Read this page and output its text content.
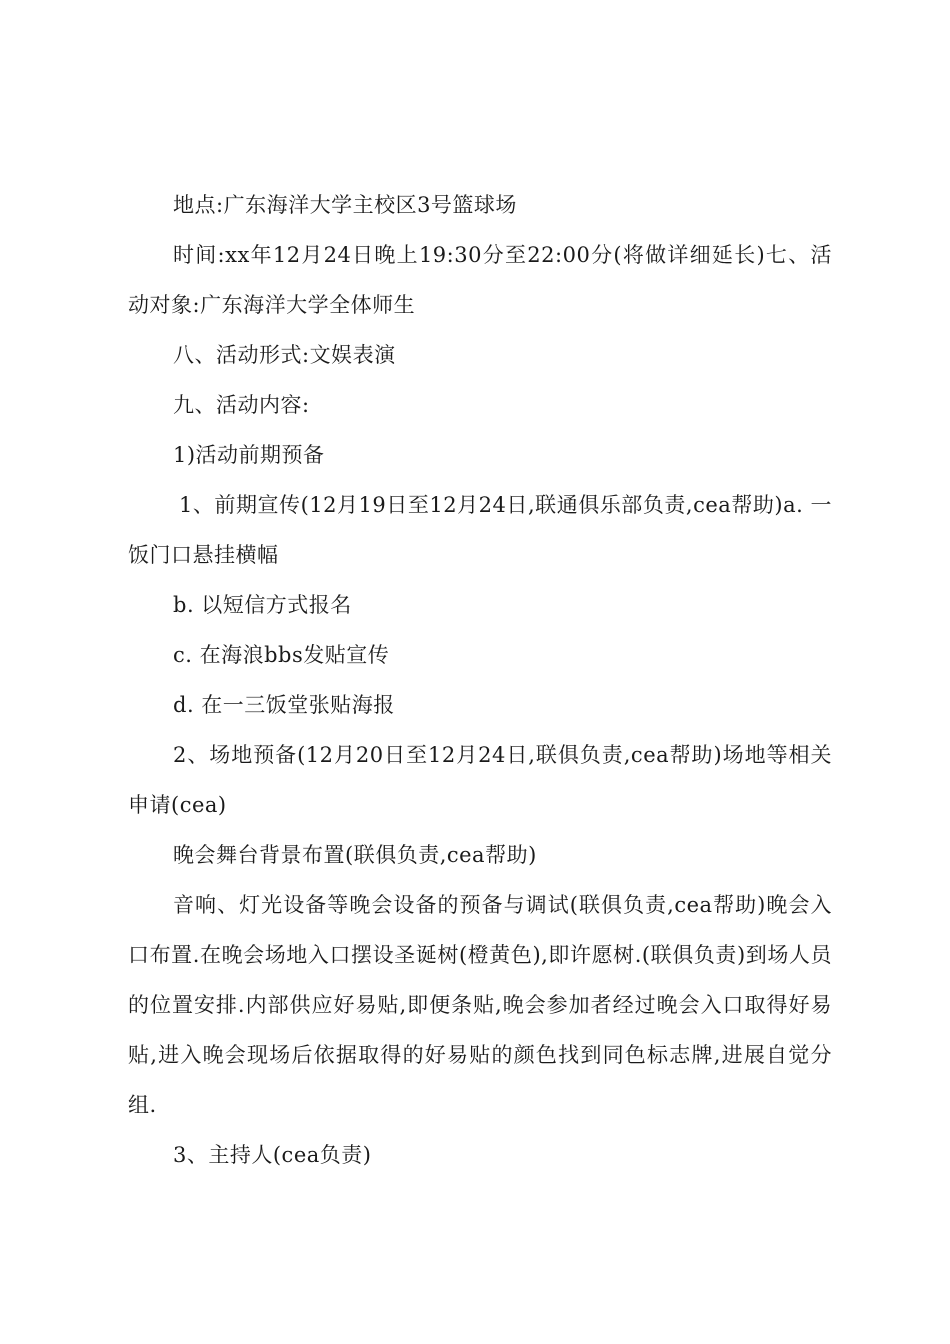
地点:广东海洋大学主校区3号篮球场

时间:xx年12月24日晚上19:30分至22:00分(将做详细延长)七、活动对象:广东海洋大学全体师生

八、活动形式:文娱表演

九、活动内容:

1)活动前期预备

1、前期宣传(12月19日至12月24日,联通俱乐部负责,cea帮助)a. 一饭门口悬挂横幅

b. 以短信方式报名

c. 在海浪bbs发贴宣传

d. 在一三饭堂张贴海报

2、场地预备(12月20日至12月24日,联俱负责,cea帮助)场地等相关申请(cea)

晚会舞台背景布置(联俱负责,cea帮助)

音响、灯光设备等晚会设备的预备与调试(联俱负责,cea帮助)晚会入口布置.在晚会场地入口摆设圣诞树(橙黄色),即许愿树.(联俱负责)到场人员的位置安排.内部供应好易贴,即便条贴,晚会参加者经过晚会入口取得好易贴,进入晚会现场后依据取得的好易贴的颜色找到同色标志牌,进展自觉分组.

3、主持人(cea负责)
